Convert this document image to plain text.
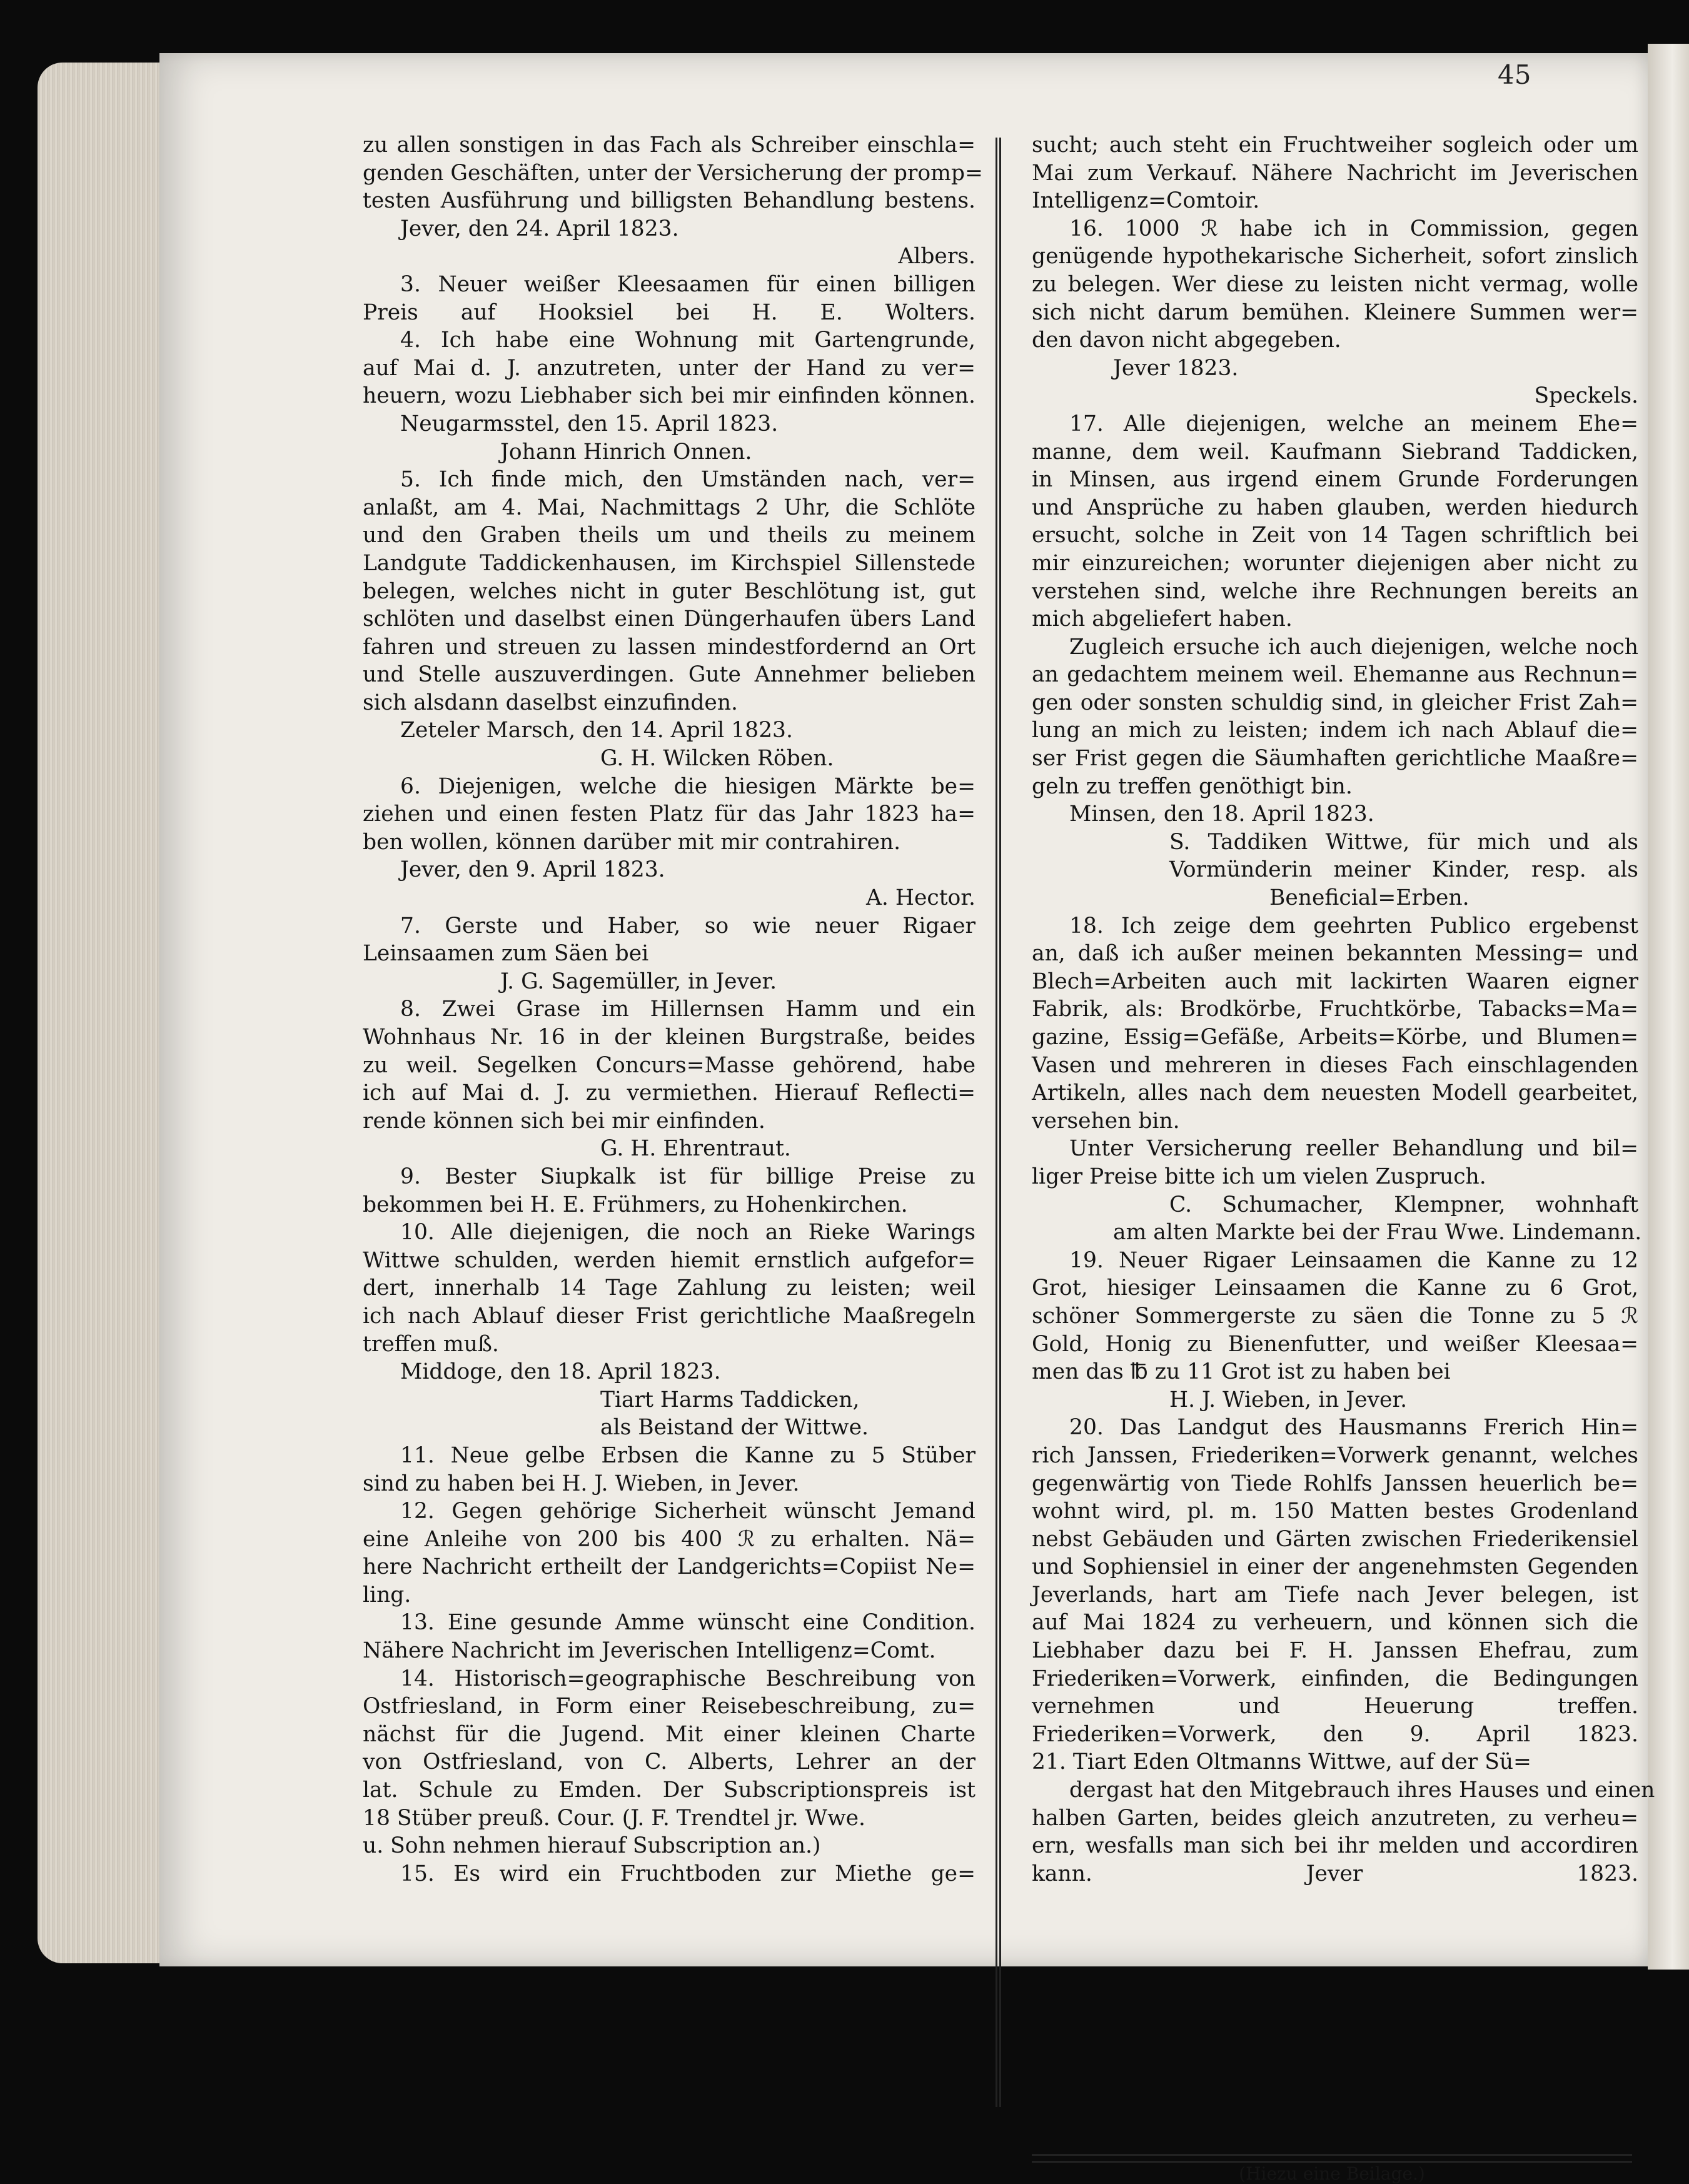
45
zu allen sonstigen in das Fach als Schreiber einschla=
genden Geschäften, unter der Versicherung der promp=
testen Ausführung und billigsten Behandlung bestens.
Jever, den 24. April 1823.
Albers.
3. Neuer weißer Kleesaamen für einen billigen
Preis auf Hooksiel bei H. E. Wolters.
4. Ich habe eine Wohnung mit Gartengrunde,
auf Mai d. J. anzutreten, unter der Hand zu ver=
heuern, wozu Liebhaber sich bei mir einfinden können.
Neugarmsstel, den 15. April 1823.
Johann Hinrich Onnen.
5. Ich finde mich, den Umständen nach, ver=
anlaßt, am 4. Mai, Nachmittags 2 Uhr, die Schlöte
und den Graben theils um und theils zu meinem
Landgute Taddickenhausen, im Kirchspiel Sillenstede
belegen, welches nicht in guter Beschlötung ist, gut
schlöten und daselbst einen Düngerhaufen übers Land
fahren und streuen zu lassen mindestfordernd an Ort
und Stelle auszuverdingen. Gute Annehmer belieben
sich alsdann daselbst einzufinden.
Zeteler Marsch, den 14. April 1823.
G. H. Wilcken Röben.
6. Diejenigen, welche die hiesigen Märkte be=
ziehen und einen festen Platz für das Jahr 1823 ha=
ben wollen, können darüber mit mir contrahiren.
Jever, den 9. April 1823.
A. Hector.
7. Gerste und Haber, so wie neuer Rigaer
Leinsaamen zum Säen bei
J. G. Sagemüller, in Jever.
8. Zwei Grase im Hillernsen Hamm und ein
Wohnhaus Nr. 16 in der kleinen Burgstraße, beides
zu weil. Segelken Concurs=Masse gehörend, habe
ich auf Mai d. J. zu vermiethen. Hierauf Reflecti=
rende können sich bei mir einfinden.
G. H. Ehrentraut.
9. Bester Siupkalk ist für billige Preise zu
bekommen bei H. E. Frühmers, zu Hohenkirchen.
10. Alle diejenigen, die noch an Rieke Warings
Wittwe schulden, werden hiemit ernstlich aufgefor=
dert, innerhalb 14 Tage Zahlung zu leisten; weil
ich nach Ablauf dieser Frist gerichtliche Maaßregeln
treffen muß.
Middoge, den 18. April 1823.
Tiart Harms Taddicken,
als Beistand der Wittwe.
11. Neue gelbe Erbsen die Kanne zu 5 Stüber
sind zu haben bei H. J. Wieben, in Jever.
12. Gegen gehörige Sicherheit wünscht Jemand
eine Anleihe von 200 bis 400 ℛ zu erhalten. Nä=
here Nachricht ertheilt der Landgerichts=Copiist Ne=
ling.
13. Eine gesunde Amme wünscht eine Condition.
Nähere Nachricht im Jeverischen Intelligenz=Comt.
14. Historisch=geographische Beschreibung von
Ostfriesland, in Form einer Reisebeschreibung, zu=
nächst für die Jugend. Mit einer kleinen Charte
von Ostfriesland, von C. Alberts, Lehrer an der
lat. Schule zu Emden. Der Subscriptionspreis ist
18 Stüber preuß. Cour. (J. F. Trendtel jr. Wwe.
u. Sohn nehmen hierauf Subscription an.)
15. Es wird ein Fruchtboden zur Miethe ge=
sucht; auch steht ein Fruchtweiher sogleich oder um
Mai zum Verkauf. Nähere Nachricht im Jeverischen
Intelligenz=Comtoir.
16. 1000 ℛ habe ich in Commission, gegen
genügende hypothekarische Sicherheit, sofort zinslich
zu belegen. Wer diese zu leisten nicht vermag, wolle
sich nicht darum bemühen. Kleinere Summen wer=
den davon nicht abgegeben.
Jever 1823.
Speckels.
17. Alle diejenigen, welche an meinem Ehe=
manne, dem weil. Kaufmann Siebrand Taddicken,
in Minsen, aus irgend einem Grunde Forderungen
und Ansprüche zu haben glauben, werden hiedurch
ersucht, solche in Zeit von 14 Tagen schriftlich bei
mir einzureichen; worunter diejenigen aber nicht zu
verstehen sind, welche ihre Rechnungen bereits an
mich abgeliefert haben.
Zugleich ersuche ich auch diejenigen, welche noch
an gedachtem meinem weil. Ehemanne aus Rechnun=
gen oder sonsten schuldig sind, in gleicher Frist Zah=
lung an mich zu leisten; indem ich nach Ablauf die=
ser Frist gegen die Säumhaften gerichtliche Maaßre=
geln zu treffen genöthigt bin.
Minsen, den 18. April 1823.
S. Taddiken Wittwe, für mich und als
Vormünderin meiner Kinder, resp. als
Beneficial=Erben.
18. Ich zeige dem geehrten Publico ergebenst
an, daß ich außer meinen bekannten Messing= und
Blech=Arbeiten auch mit lackirten Waaren eigner
Fabrik, als: Brodkörbe, Fruchtkörbe, Tabacks=Ma=
gazine, Essig=Gefäße, Arbeits=Körbe, und Blumen=
Vasen und mehreren in dieses Fach einschlagenden
Artikeln, alles nach dem neuesten Modell gearbeitet,
versehen bin.
Unter Versicherung reeller Behandlung und bil=
liger Preise bitte ich um vielen Zuspruch.
C. Schumacher, Klempner, wohnhaft
am alten Markte bei der Frau Wwe. Lindemann.
19. Neuer Rigaer Leinsaamen die Kanne zu 12
Grot, hiesiger Leinsaamen die Kanne zu 6 Grot,
schöner Sommergerste zu säen die Tonne zu 5 ℛ
Gold, Honig zu Bienenfutter, und weißer Kleesaa=
men das ℔ zu 11 Grot ist zu haben bei
H. J. Wieben, in Jever.
20. Das Landgut des Hausmanns Frerich Hin=
rich Janssen, Friederiken=Vorwerk genannt, welches
gegenwärtig von Tiede Rohlfs Janssen heuerlich be=
wohnt wird, pl. m. 150 Matten bestes Grodenland
nebst Gebäuden und Gärten zwischen Friederikensiel
und Sophiensiel in einer der angenehmsten Gegenden
Jeverlands, hart am Tiefe nach Jever belegen, ist
auf Mai 1824 zu verheuern, und können sich die
Liebhaber dazu bei F. H. Janssen Ehefrau, zum
Friederiken=Vorwerk, einfinden, die Bedingungen
vernehmen und Heuerung treffen.
Friederiken=Vorwerk, den 9. April 1823.
21. Tiart Eden Oltmanns Wittwe, auf der Sü=
dergast hat den Mitgebrauch ihres Hauses und einen
halben Garten, beides gleich anzutreten, zu verheu=
ern, wesfalls man sich bei ihr melden und accordiren
kann. Jever 1823.
(Hiezu eine Beilage.)
